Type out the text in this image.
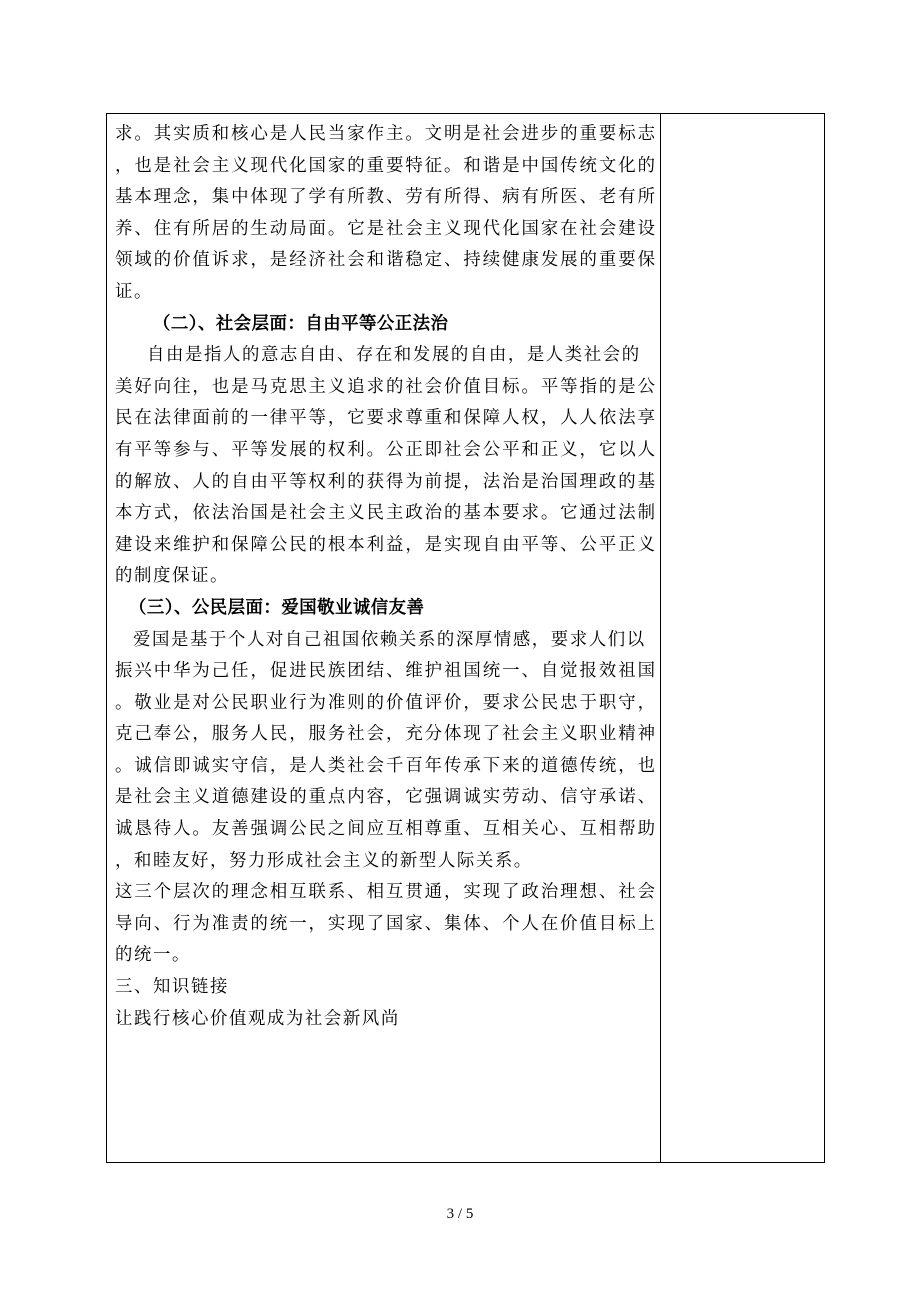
求。其实质和核心是人民当家作主。文明是社会进步的重要标志
，也是社会主义现代化国家的重要特征。和谐是中国传统文化的
基本理念，集中体现了学有所教、劳有所得、病有所医、老有所
养、住有所居的生动局面。它是社会主义现代化国家在社会建设
领域的价值诉求，是经济社会和谐稳定、持续健康发展的重要保
证。
（二）、社会层面：自由平等公正法治
自由是指人的意志自由、存在和发展的自由，是人类社会的
美好向往，也是马克思主义追求的社会价值目标。平等指的是公
民在法律面前的一律平等，它要求尊重和保障人权，人人依法享
有平等参与、平等发展的权利。公正即社会公平和正义，它以人
的解放、人的自由平等权利的获得为前提，法治是治国理政的基
本方式，依法治国是社会主义民主政治的基本要求。它通过法制
建设来维护和保障公民的根本利益，是实现自由平等、公平正义
的制度保证。
（三）、公民层面：爱国敬业诚信友善
爱国是基于个人对自己祖国依赖关系的深厚情感，要求人们以
振兴中华为己任，促进民族团结、维护祖国统一、自觉报效祖国
。敬业是对公民职业行为准则的价值评价，要求公民忠于职守，
克己奉公，服务人民，服务社会，充分体现了社会主义职业精神
。诚信即诚实守信，是人类社会千百年传承下来的道德传统，也
是社会主义道德建设的重点内容，它强调诚实劳动、信守承诺、
诚恳待人。友善强调公民之间应互相尊重、互相关心、互相帮助
，和睦友好，努力形成社会主义的新型人际关系。
这三个层次的理念相互联系、相互贯通，实现了政治理想、社会
导向、行为准责的统一，实现了国家、集体、个人在价值目标上
的统一。
三、知识链接
让践行核心价值观成为社会新风尚
3 / 5
